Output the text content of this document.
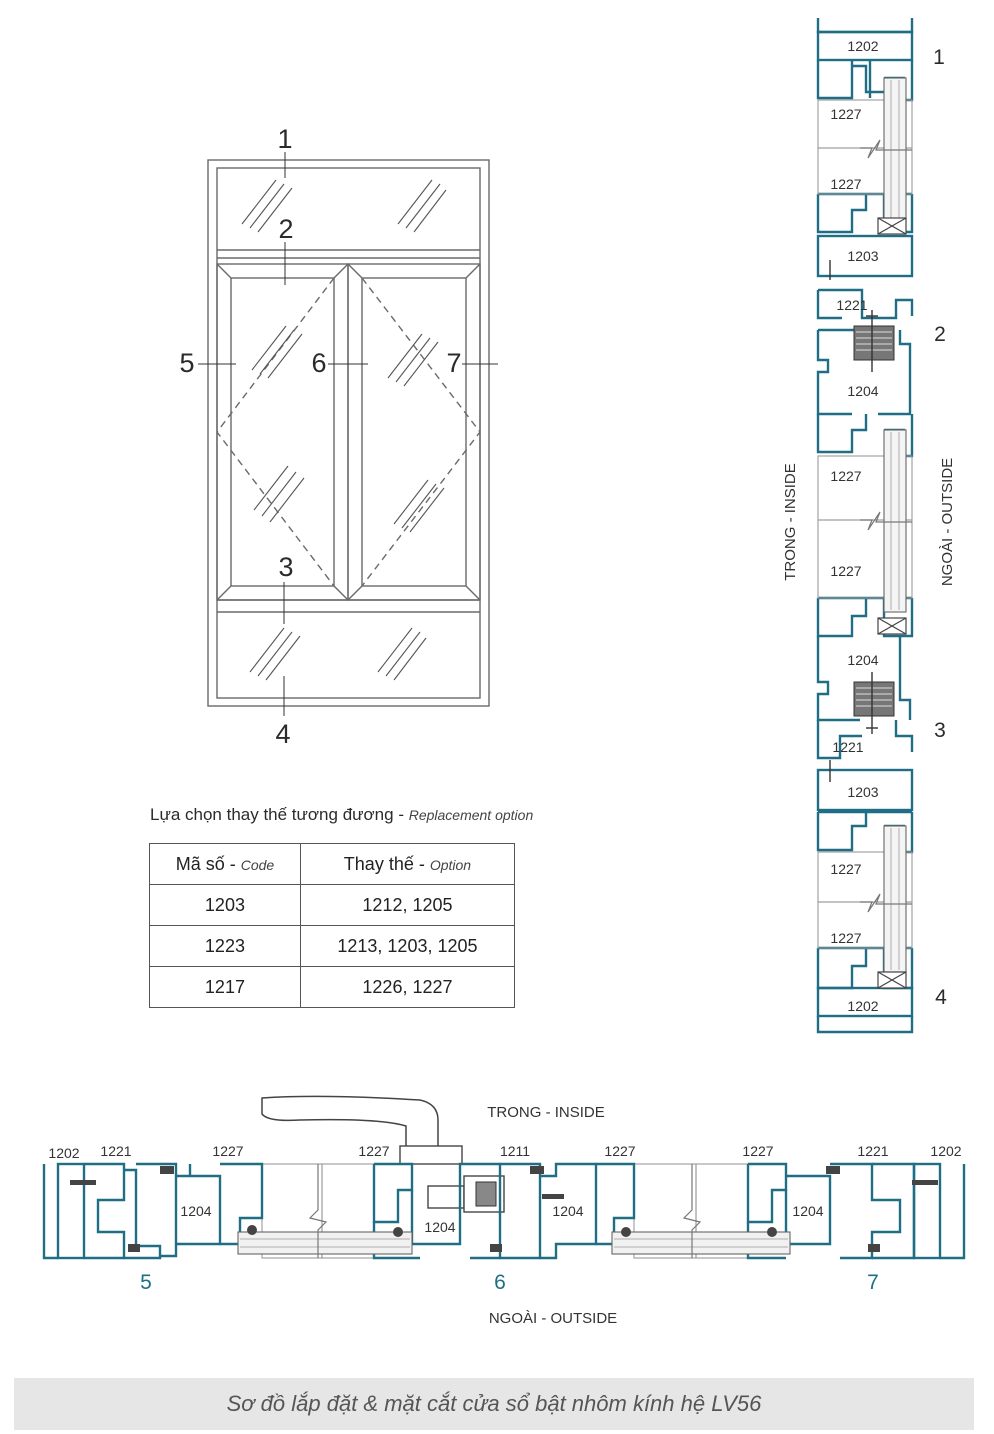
1
2
3
4
5	6	7
1202
1227
1227
1203
1221
1204
1227
1227
1204
1221
1203
1227
1227
1202
1
2
3
4
TRONG - INSIDE	NGOÀI - OUTSIDE
1202 1221	1227	1227	1211	1227	1227	1221	1202
1204
1204
1204	1204
TRONG - INSIDE
NGOÀI - OUTSIDE
5	6	7
Lựa chọn thay thế tương đương - Replacement option
Mã số - Code	Thay thế - Option
1203	1212, 1205
1223	1213, 1203, 1205
1217	1226, 1227
Sơ đồ lắp đặt & mặt cắt cửa sổ bật nhôm kính hệ LV56
